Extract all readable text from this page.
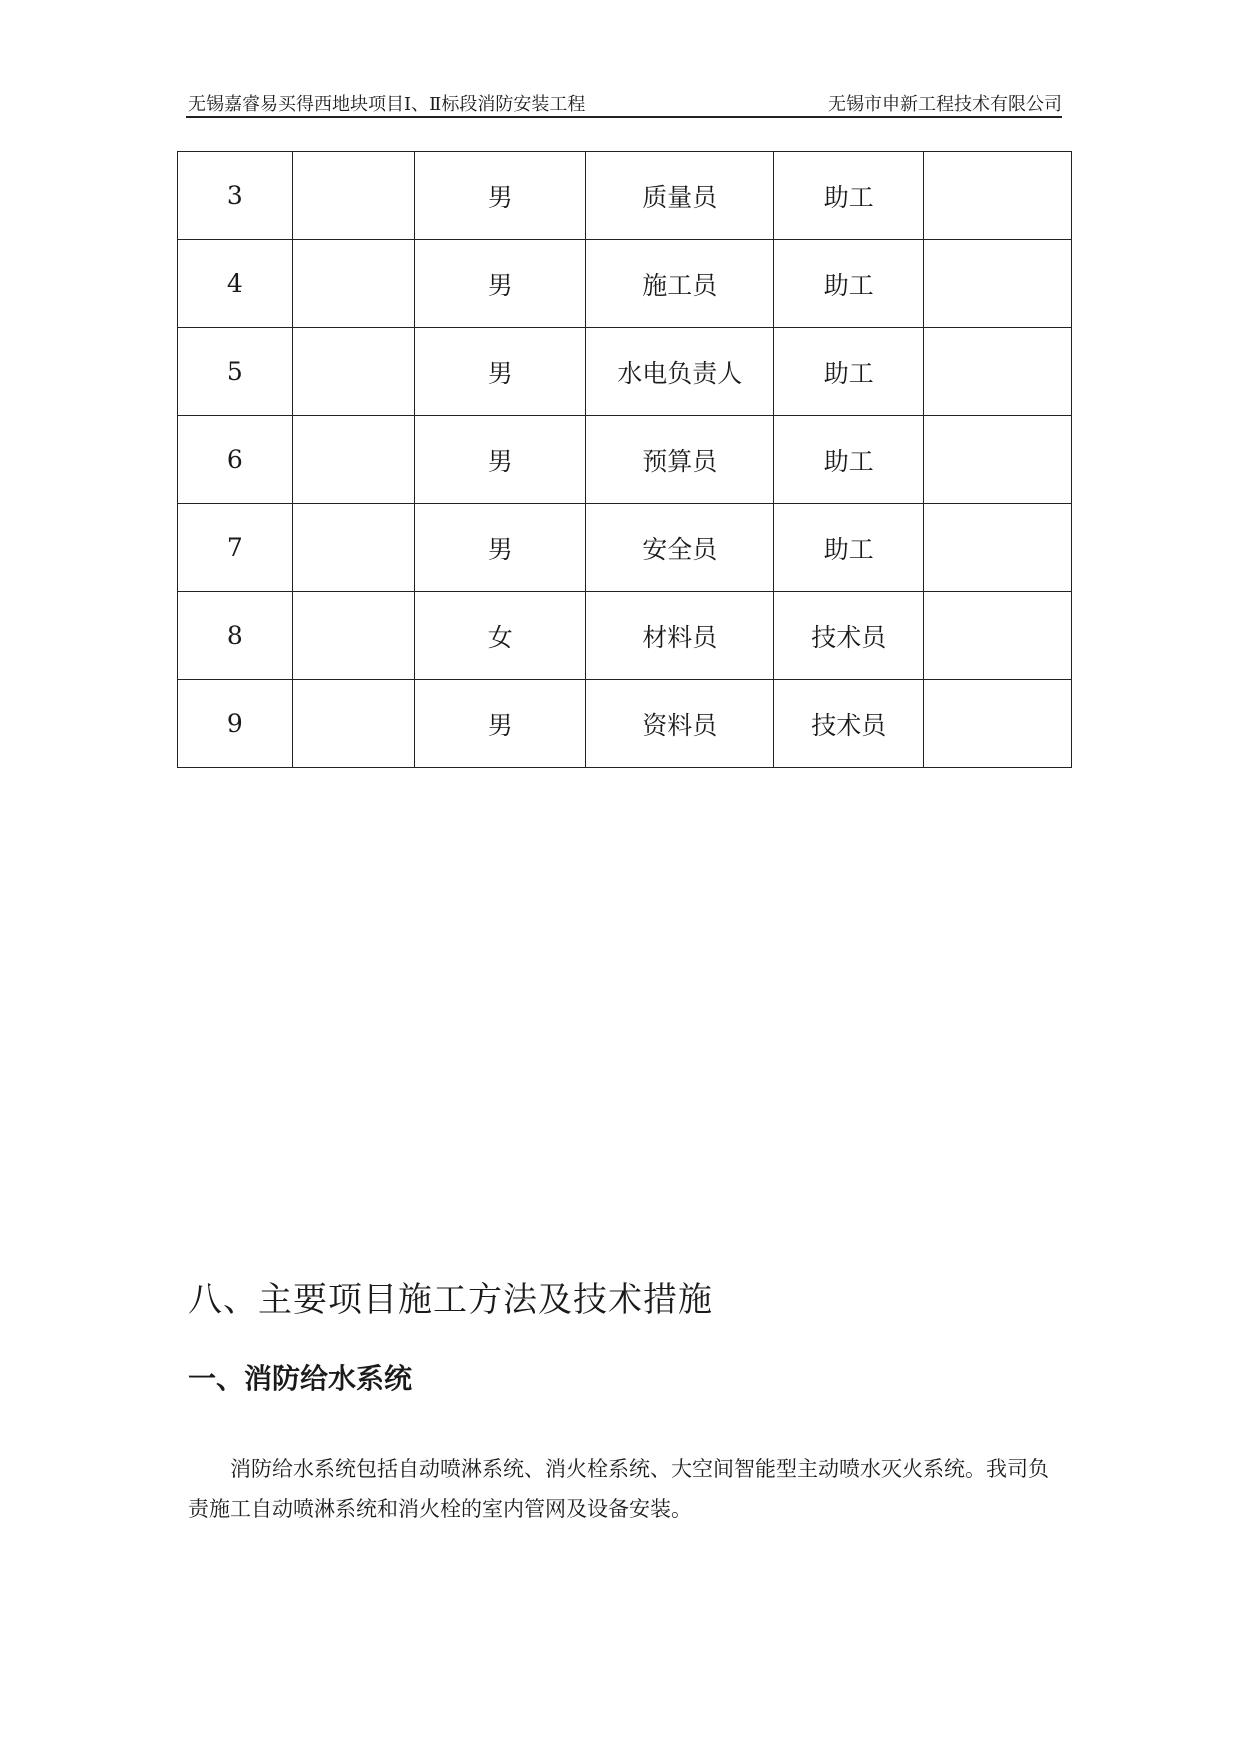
无锡嘉睿易买得西地块项目Ⅰ、Ⅱ标段消防安装工程	无锡市申新工程技术有限公司
3		男	质量员	助工	
4		男	施工员	助工	
5		男	水电负责人	助工	
6		男	预算员	助工	
7		男	安全员	助工	
8		女	材料员	技术员	
9		男	资料员	技术员	
八、主要项目施工方法及技术措施
一、消防给水系统

消防给水系统包括自动喷淋系统、消火栓系统、大空间智能型主动喷水灭火系统。我司负责施工自动喷淋系统和消火栓的室内管网及设备安装。
